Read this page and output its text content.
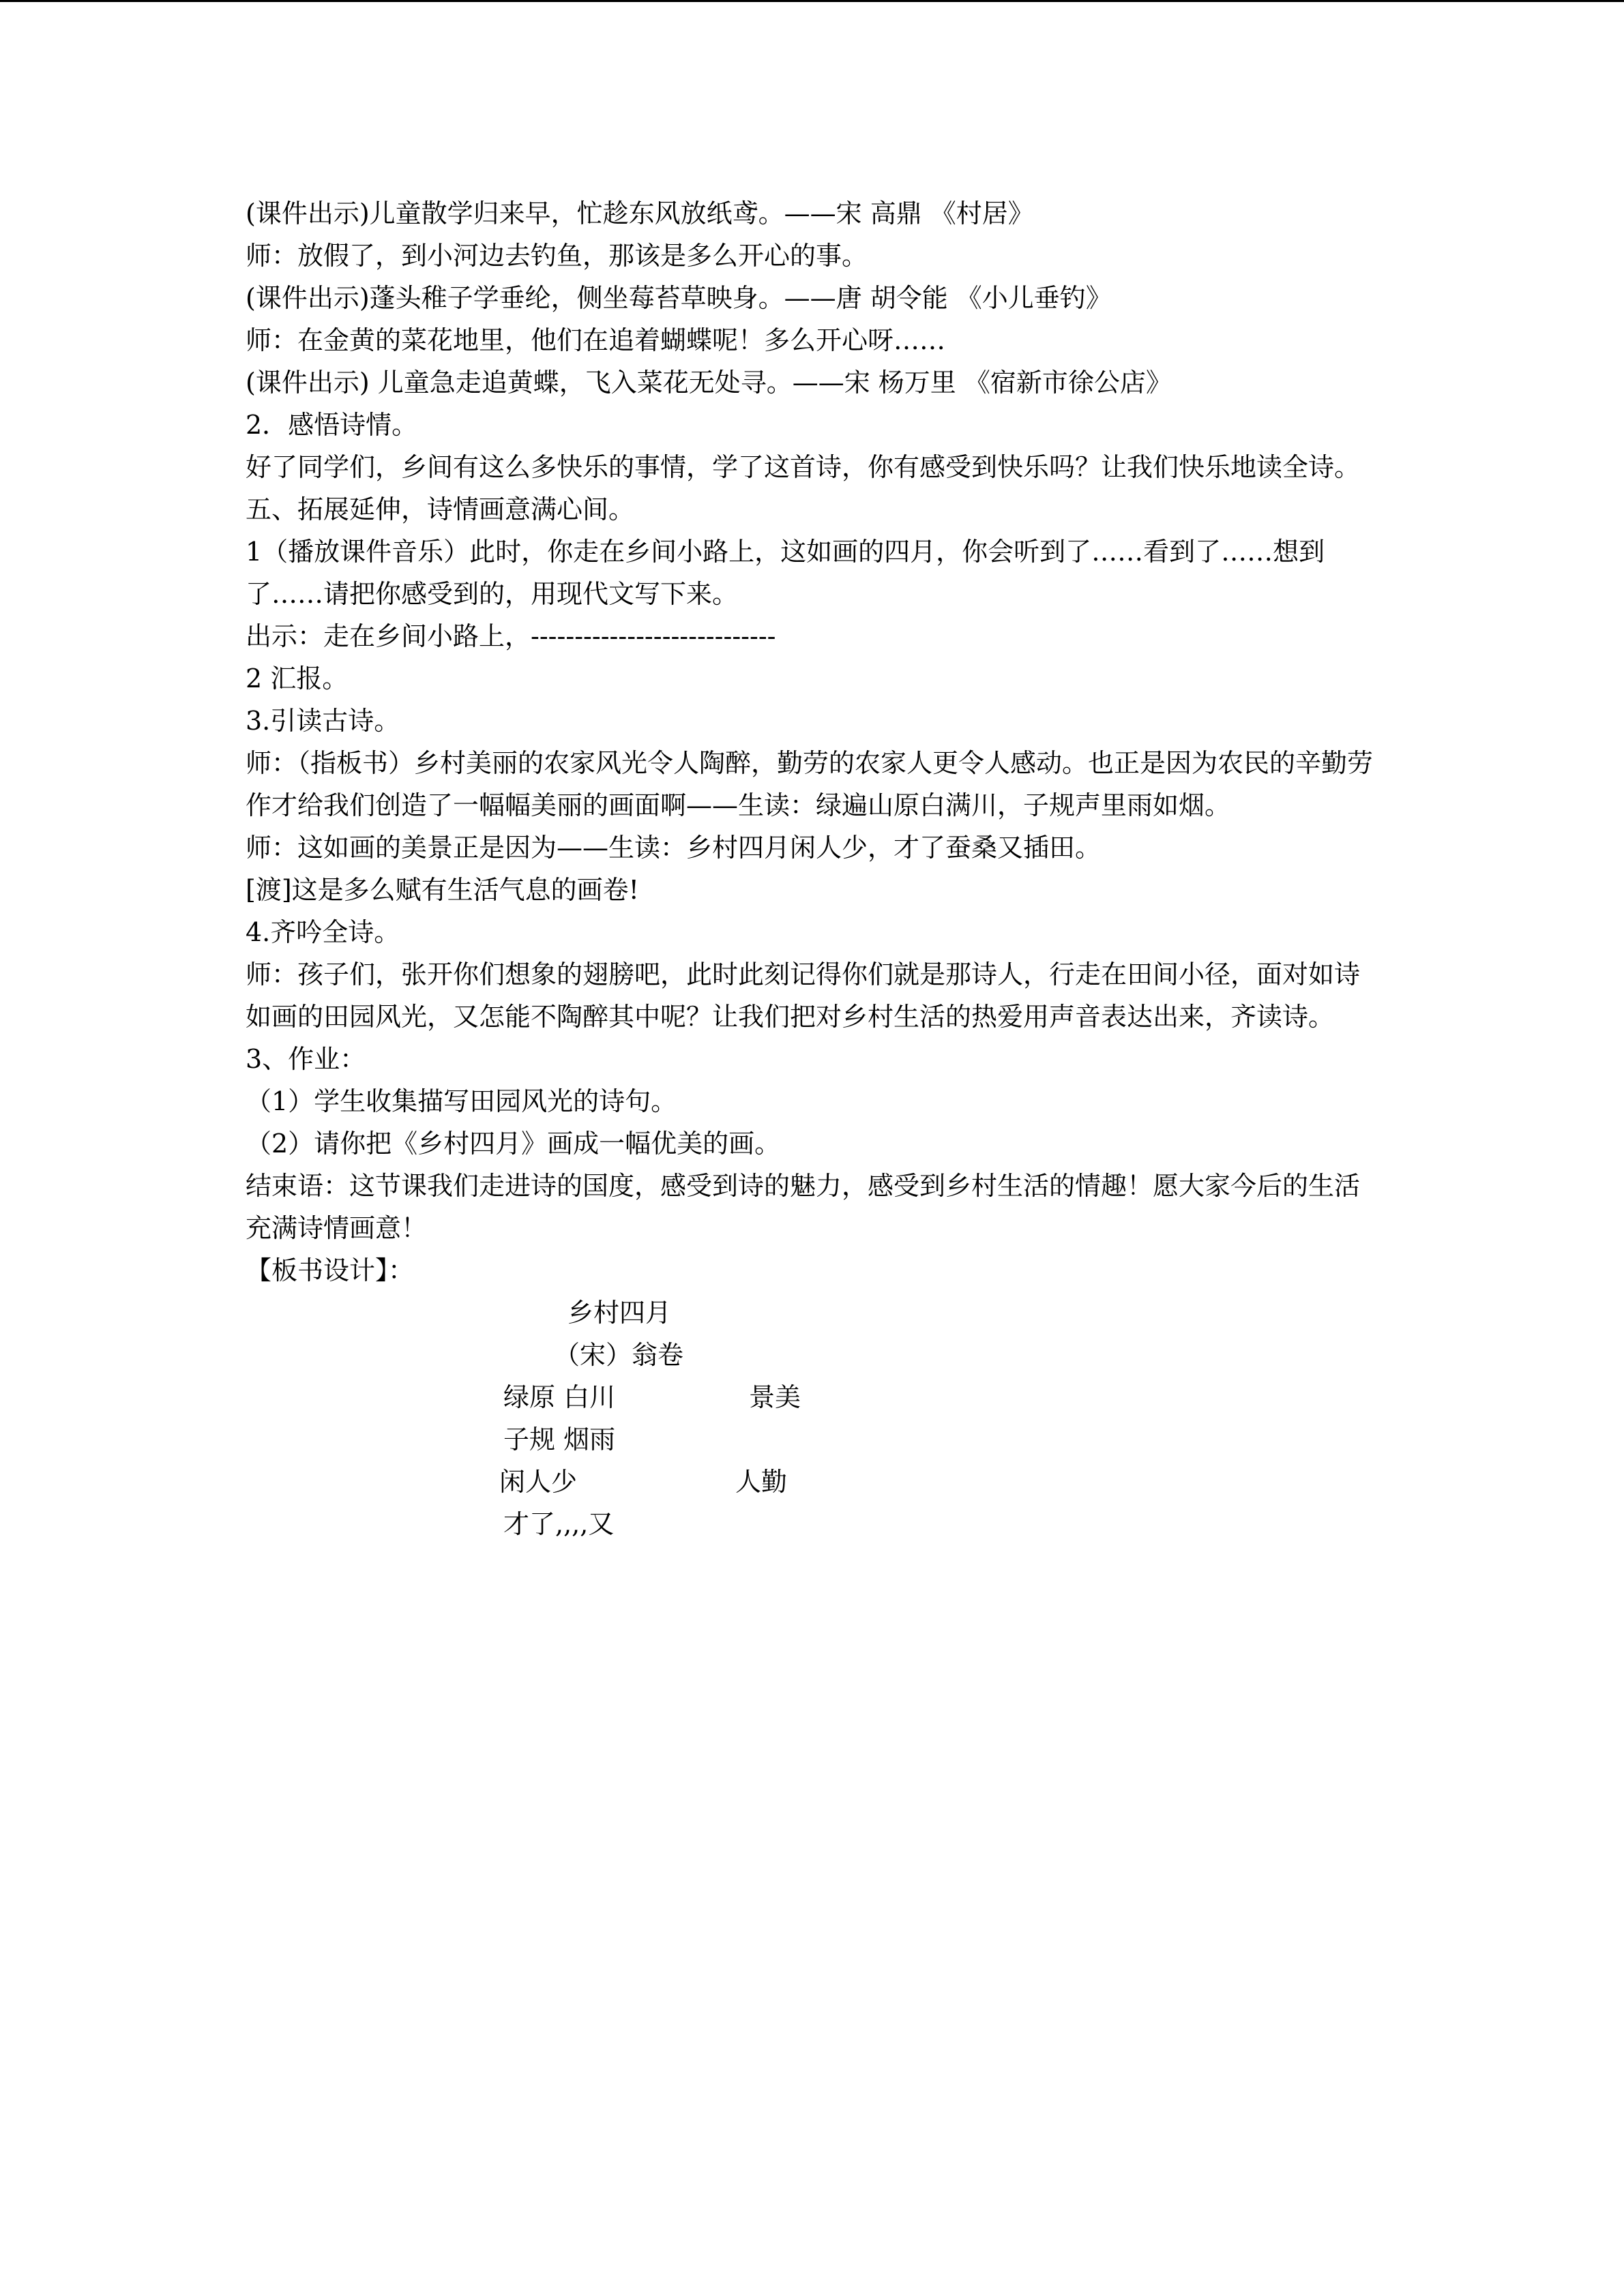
(课件出示)儿童散学归来早，忙趁东风放纸鸢。——宋 高鼎 《村居》
师：放假了，到小河边去钓鱼，那该是多么开心的事。
(课件出示)蓬头稚子学垂纶，侧坐莓苔草映身。——唐 胡令能 《小儿垂钓》
师：在金黄的菜花地里，他们在追着蝴蝶呢！多么开心呀……
(课件出示) 儿童急走追黄蝶，飞入菜花无处寻。——宋 杨万里 《宿新市徐公店》
2．感悟诗情。
好了同学们，乡间有这么多快乐的事情，学了这首诗，你有感受到快乐吗？让我们快乐地读全诗。
五、拓展延伸，诗情画意满心间。
1（播放课件音乐）此时，你走在乡间小路上，这如画的四月，你会听到了……看到了……想到了……请把你感受到的，用现代文写下来。
出示：走在乡间小路上，----------------------------
2 汇报。
3.引读古诗。
师：（指板书）乡村美丽的农家风光令人陶醉，勤劳的农家人更令人感动。也正是因为农民的辛勤劳作才给我们创造了一幅幅美丽的画面啊——生读：绿遍山原白满川，子规声里雨如烟。
师：这如画的美景正是因为——生读：乡村四月闲人少，才了蚕桑又插田。
[渡]这是多么赋有生活气息的画卷!
4.齐吟全诗。
师：孩子们，张开你们想象的翅膀吧，此时此刻记得你们就是那诗人，行走在田间小径，面对如诗如画的田园风光，又怎能不陶醉其中呢？让我们把对乡村生活的热爱用声音表达出来，齐读诗。
3、作业：
（1）学生收集描写田园风光的诗句。
（2）请你把《乡村四月》画成一幅优美的画。
结束语：这节课我们走进诗的国度，感受到诗的魅力，感受到乡村生活的情趣！愿大家今后的生活充满诗情画意！
【板书设计】：
乡村四月
（宋）翁卷
绿原 白川	景美
子规 烟雨
闲人少	人勤
才了,,,,又
